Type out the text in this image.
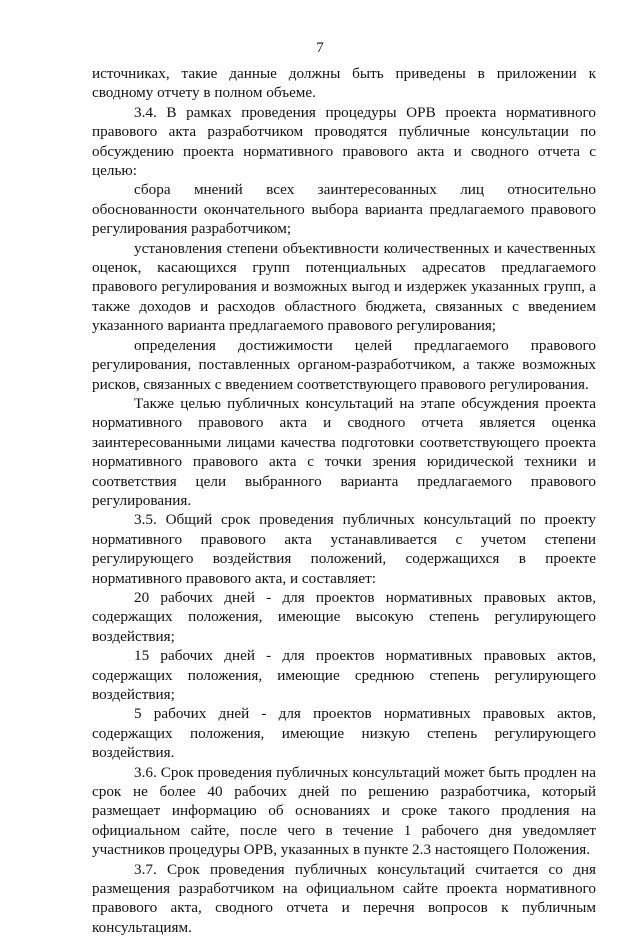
7

источниках, такие данные должны быть приведены в приложении к сводному отчету в полном объеме.

3.4. В рамках проведения процедуры ОРВ проекта нормативного правового акта разработчиком проводятся публичные консультации по обсуждению проекта нормативного правового акта и сводного отчета с целью:

сбора мнений всех заинтересованных лиц относительно обоснованности окончательного выбора варианта предлагаемого правового регулирования разработчиком;

установления степени объективности количественных и качественных оценок, касающихся групп потенциальных адресатов предлагаемого правового регулирования и возможных выгод и издержек указанных групп, а также доходов и расходов областного бюджета, связанных с введением указанного варианта предлагаемого правового регулирования;

определения достижимости целей предлагаемого правового регулирования, поставленных органом-разработчиком, а также возможных рисков, связанных с введением соответствующего правового регулирования.

Также целью публичных консультаций на этапе обсуждения проекта нормативного правового акта и сводного отчета является оценка заинтересованными лицами качества подготовки соответствующего проекта нормативного правового акта с точки зрения юридической техники и соответствия цели выбранного варианта предлагаемого правового регулирования.

3.5. Общий срок проведения публичных консультаций по проекту нормативного правового акта устанавливается с учетом степени регулирующего воздействия положений, содержащихся в проекте нормативного правового акта, и составляет:

20 рабочих дней - для проектов нормативных правовых актов, содержащих положения, имеющие высокую степень регулирующего воздействия;

15 рабочих дней - для проектов нормативных правовых актов, содержащих положения, имеющие среднюю степень регулирующего воздействия;

5 рабочих дней - для проектов нормативных правовых актов, содержащих положения, имеющие низкую степень регулирующего воздействия.

3.6. Срок проведения публичных консультаций может быть продлен на срок не более 40 рабочих дней по решению разработчика, который размещает информацию об основаниях и сроке такого продления на официальном сайте, после чего в течение 1 рабочего дня уведомляет участников процедуры ОРВ, указанных в пункте 2.3 настоящего Положения.

3.7. Срок проведения публичных консультаций считается со дня размещения разработчиком на официальном сайте проекта нормативного правового акта, сводного отчета и перечня вопросов к публичным консультациям.
